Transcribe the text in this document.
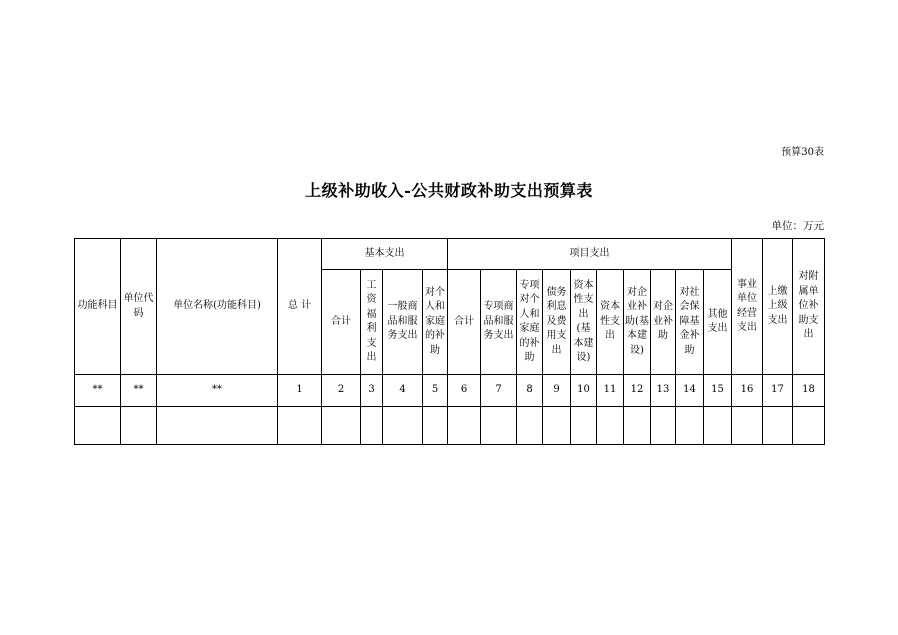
预算30表
上级补助收入-公共财政补助支出预算表
单位：万元
功能科目	单位代码	单位名称(功能科目)	总 计	基本支出				项目支出										事业单位经营支出	上缴上级支出	对附属单位补助支出
				合计	工资福利支出	一般商品和服务支出	对个人和家庭的补助	合计	专项商品和服务支出	专项对个人和家庭的补助	债务利息及费用支出	资本性支出(基本建设)	资本性支出	对企业补助(基本建设)	对企业补助	对社会保障基金补助	其他支出			
**	**	**	1	2	3	4	5	6	7	8	9	10	11	12	13	14	15	16	17	18
